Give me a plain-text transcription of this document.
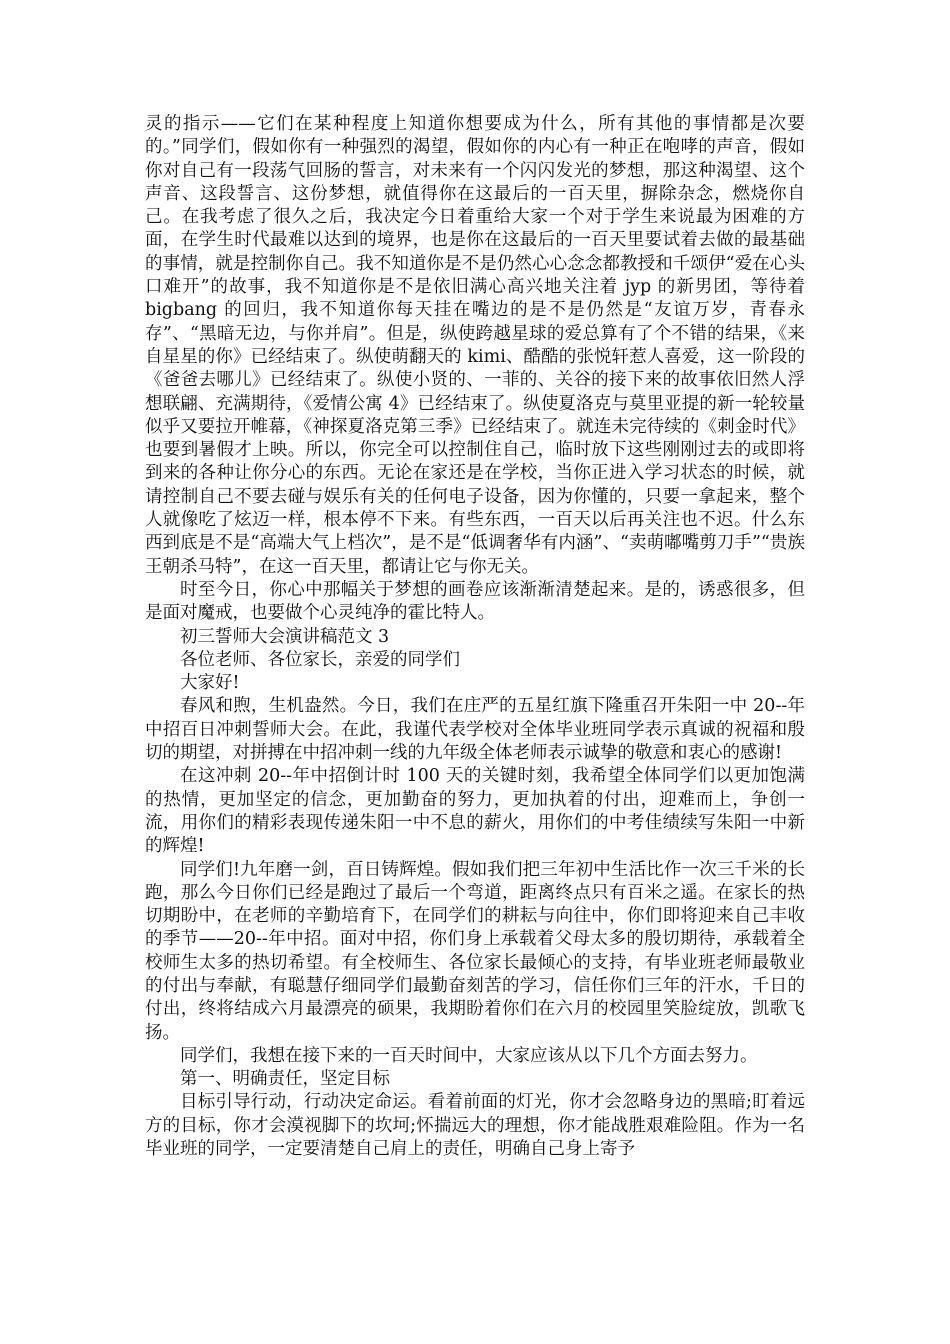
灵的指示——它们在某种程度上知道你想要成为什么，所有其他的事情都是次要的。”同学们，假如你有一种强烈的渴望，假如你的内心有一种正在咆哮的声音，假如你对自己有一段荡气回肠的誓言，对未来有一个闪闪发光的梦想，那这种渴望、这个声音、这段誓言、这份梦想，就值得你在这最后的一百天里，摒除杂念，燃烧你自己。在我考虑了很久之后，我决定今日着重给大家一个对于学生来说最为困难的方面，在学生时代最难以达到的境界，也是你在这最后的一百天里要试着去做的最基础的事情，就是控制你自己。我不知道你是不是仍然心心念念都教授和千颂伊“爱在心头口难开”的故事，我不知道你是不是依旧满心高兴地关注着 jyp 的新男团，等待着 bigbang 的回归，我不知道你每天挂在嘴边的是不是仍然是“友谊万岁，青春永存”、“黑暗无边，与你并肩”。但是，纵使跨越星球的爱总算有了个不错的结果，《来自星星的你》已经结束了。纵使萌翻天的 kimi、酷酷的张悦轩惹人喜爱，这一阶段的《爸爸去哪儿》已经结束了。纵使小贤的、一菲的、关谷的接下来的故事依旧然人浮想联翩、充满期待，《爱情公寓 4》已经结束了。纵使夏洛克与莫里亚提的新一轮较量似乎又要拉开帷幕，《神探夏洛克第三季》已经结束了。就连未完待续的《刺金时代》也要到暑假才上映。所以，你完全可以控制住自己，临时放下这些刚刚过去的或即将到来的各种让你分心的东西。无论在家还是在学校，当你正进入学习状态的时候，就请控制自己不要去碰与娱乐有关的任何电子设备，因为你懂的，只要一拿起来，整个人就像吃了炫迈一样，根本停不下来。有些东西，一百天以后再关注也不迟。什么东西到底是不是“高端大气上档次”，是不是“低调奢华有内涵”、“卖萌嘟嘴剪刀手”“贵族王朝杀马特”，在这一百天里，都请让它与你无关。

时至今日，你心中那幅关于梦想的画卷应该渐渐清楚起来。是的，诱惑很多，但是面对魔戒，也要做个心灵纯净的霍比特人。

初三誓师大会演讲稿范文 3

各位老师、各位家长，亲爱的同学们

大家好!

春风和煦，生机盎然。今日，我们在庄严的五星红旗下隆重召开朱阳一中 20--年中招百日冲刺誓师大会。在此，我谨代表学校对全体毕业班同学表示真诚的祝福和殷切的期望，对拼搏在中招冲刺一线的九年级全体老师表示诚挚的敬意和衷心的感谢!

在这冲刺 20--年中招倒计时 100 天的关键时刻，我希望全体同学们以更加饱满的热情，更加坚定的信念，更加勤奋的努力，更加执着的付出，迎难而上，争创一流，用你们的精彩表现传递朱阳一中不息的薪火，用你们的中考佳绩续写朱阳一中新的辉煌!

同学们!九年磨一剑，百日铸辉煌。假如我们把三年初中生活比作一次三千米的长跑，那么今日你们已经是跑过了最后一个弯道，距离终点只有百米之遥。在家长的热切期盼中，在老师的辛勤培育下，在同学们的耕耘与向往中，你们即将迎来自己丰收的季节——20--年中招。面对中招，你们身上承载着父母太多的殷切期待，承载着全校师生太多的热切希望。有全校师生、各位家长最倾心的支持，有毕业班老师最敬业的付出与奉献，有聪慧仔细同学们最勤奋刻苦的学习，信任你们三年的汗水，千日的付出，终将结成六月最漂亮的硕果，我期盼着你们在六月的校园里笑脸绽放，凯歌飞扬。

同学们，我想在接下来的一百天时间中，大家应该从以下几个方面去努力。

第一、明确责任，坚定目标

目标引导行动，行动决定命运。看着前面的灯光，你才会忽略身边的黑暗;盯着远方的目标，你才会漠视脚下的坎坷;怀揣远大的理想，你才能战胜艰难险阻。作为一名毕业班的同学，一定要清楚自己肩上的责任，明确自己身上寄予
